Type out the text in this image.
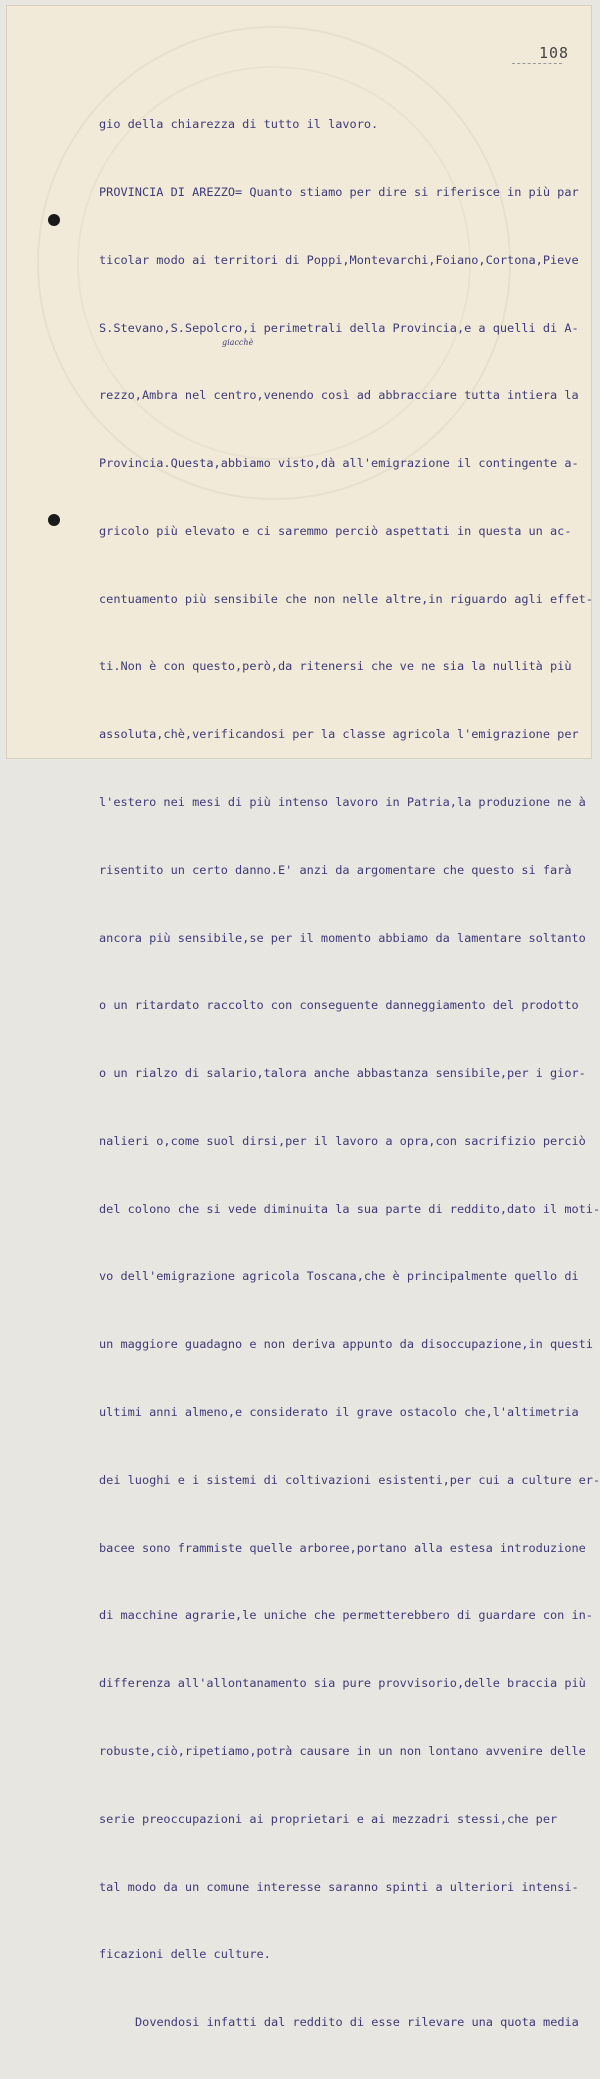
108

gio della chiarezza di tutto il lavoro.

PROVINCIA DI AREZZO= Quanto stiamo per dire si riferisce in più par

ticolar modo ai territori di Poppi,Montevarchi,Foiano,Cortona,Pieve

S.Stevano,S.Sepolcro,i perimetrali della Provincia,e a quelli di A-

rezzo,Ambra nel centro,venendo così ad abbracciare tutta intiera la

Provincia.Questa,abbiamo visto,dà all'emigrazione il contingente a-

gricolo più elevato e ci saremmo perciò aspettati in questa un ac-

centuamento più sensibile che non nelle altre,in riguardo agli effet-

ti.Non è con questo,però,da ritenersi che ve ne sia la nullità più

assoluta,chè,verificandosi per la classe agricola l'emigrazione per

l'estero nei mesi di più intenso lavoro in Patria,la produzione ne à

risentito un certo danno.E' anzi da argomentare che questo si farà

ancora più sensibile,se per il momento abbiamo da lamentare soltanto

o un ritardato raccolto con conseguente danneggiamento del prodotto

o un rialzo di salario,talora anche abbastanza sensibile,per i gior-

nalieri o,come suol dirsi,per il lavoro a opra,con sacrifizio perciò

del colono che si vede diminuita la sua parte di reddito,dato il moti-

vo dell'emigrazione agricola Toscana,che è principalmente quello di

un maggiore guadagno e non deriva appunto da disoccupazione,in questi

ultimi anni almeno,e considerato il grave ostacolo che,l'altimetria

dei luoghi e i sistemi di coltivazioni esistenti,per cui a culture er-

bacee sono frammiste quelle arboree,portano alla estesa introduzione

di macchine agrarie,le uniche che permetterebbero di guardare con in-

differenza all'allontanamento sia pure provvisorio,delle braccia più

robuste,ciò,ripetiamo,potrà causare in un non lontano avvenire delle

serie preoccupazioni ai proprietari e ai mezzadri stessi,che per

tal modo da un comune interesse saranno spinti a ulteriori intensi-

ficazioni delle culture.

Dovendosi infatti dal reddito di esse rilevare una quota media

giacchè
